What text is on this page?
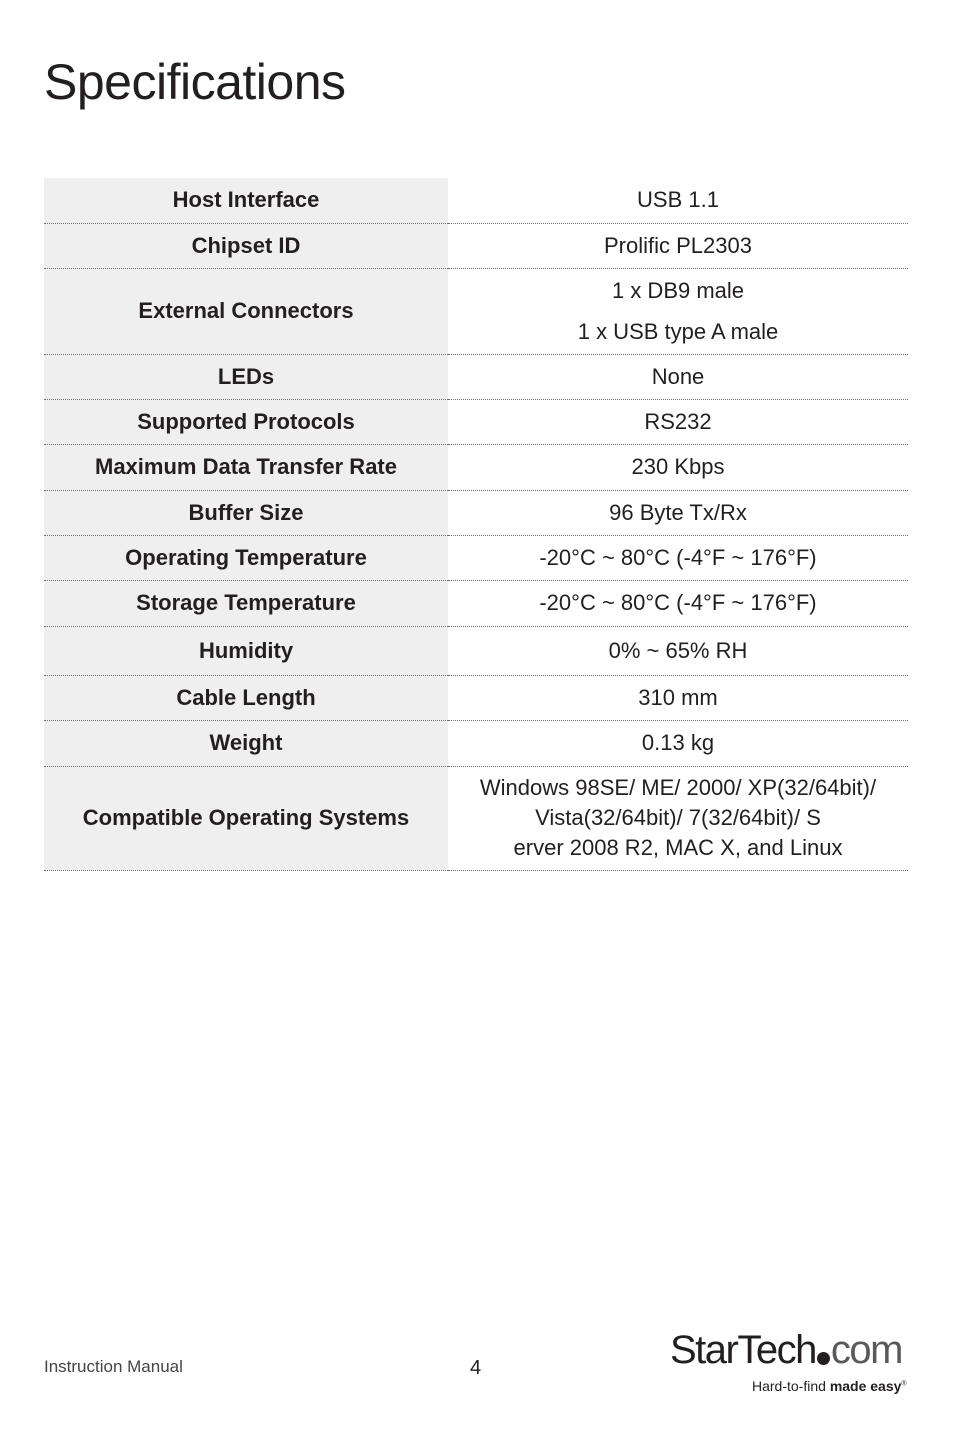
Specifications
Host Interface	USB 1.1

Chipset ID	Prolific PL2303

External Connectors	1 x DB9 male
1 x USB type A male

LEDs	None

Supported Protocols	RS232

Maximum Data Transfer Rate	230 Kbps

Buffer Size	96 Byte Tx/Rx

Operating Temperature	-20°C ~ 80°C (-4°F ~ 176°F)

Storage Temperature	-20°C ~ 80°C (-4°F ~ 176°F)

Humidity	0% ~ 65% RH

Cable Length	310 mm

Weight	0.13 kg

Compatible Operating Systems	Windows 98SE/ ME/ 2000/ XP(32/64bit)/
Vista(32/64bit)/ 7(32/64bit)/ S
erver 2008 R2, MAC X, and Linux
Instruction Manual	4	StarTech com
Hard-to-find made easy®
